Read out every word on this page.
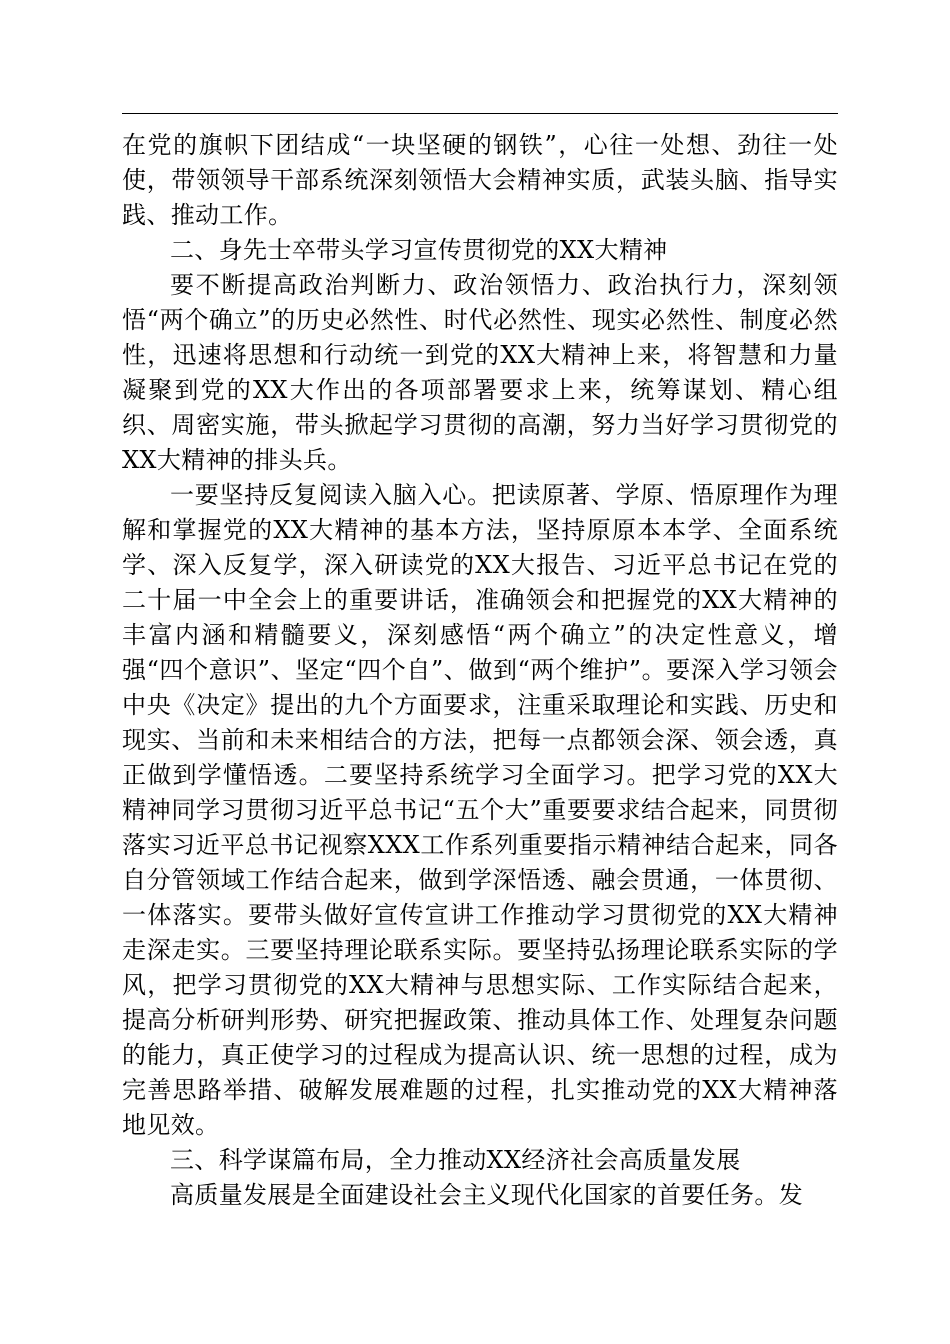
在党的旗帜下团结成“一块坚硬的钢铁”，心往一处想、劲往一处使，带领领导干部系统深刻领悟大会精神实质，武装头脑、指导实践、推动工作。

二、身先士卒带头学习宣传贯彻党的XX大精神

要不断提高政治判断力、政治领悟力、政治执行力，深刻领悟“两个确立”的历史必然性、时代必然性、现实必然性、制度必然性，迅速将思想和行动统一到党的XX大精神上来，将智慧和力量凝聚到党的XX大作出的各项部署要求上来，统筹谋划、精心组织、周密实施，带头掀起学习贯彻的高潮，努力当好学习贯彻党的XX大精神的排头兵。

一要坚持反复阅读入脑入心。把读原著、学原、悟原理作为理解和掌握党的XX大精神的基本方法，坚持原原本本学、全面系统学、深入反复学，深入研读党的XX大报告、习近平总书记在党的二十届一中全会上的重要讲话，准确领会和把握党的XX大精神的丰富内涵和精髓要义，深刻感悟“两个确立”的决定性意义，增强“四个意识”、坚定“四个自”、做到“两个维护”。要深入学习领会中央《决定》提出的九个方面要求，注重采取理论和实践、历史和现实、当前和未来相结合的方法，把每一点都领会深、领会透，真正做到学懂悟透。二要坚持系统学习全面学习。把学习党的XX大精神同学习贯彻习近平总书记“五个大”重要要求结合起来，同贯彻落实习近平总书记视察XXX工作系列重要指示精神结合起来，同各自分管领域工作结合起来，做到学深悟透、融会贯通，一体贯彻、一体落实。要带头做好宣传宣讲工作推动学习贯彻党的XX大精神走深走实。三要坚持理论联系实际。要坚持弘扬理论联系实际的学风，把学习贯彻党的XX大精神与思想实际、工作实际结合起来，提高分析研判形势、研究把握政策、推动具体工作、处理复杂问题的能力，真正使学习的过程成为提高认识、统一思想的过程，成为完善思路举措、破解发展难题的过程，扎实推动党的XX大精神落地见效。

三、科学谋篇布局，全力推动XX经济社会高质量发展

高质量发展是全面建设社会主义现代化国家的首要任务。发
